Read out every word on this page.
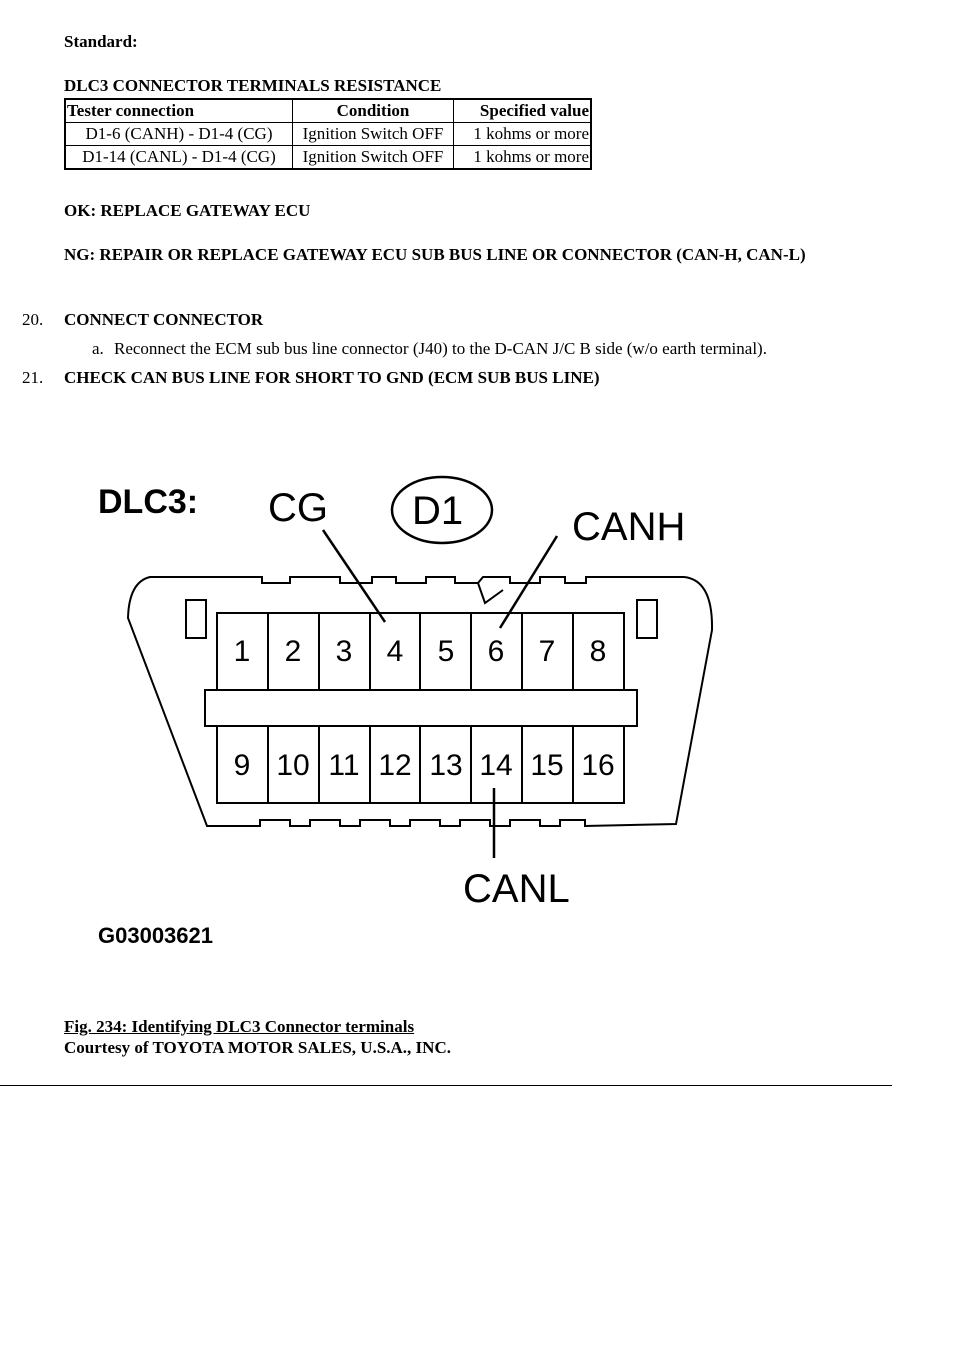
Standard:
DLC3 CONNECTOR TERMINALS RESISTANCE
Tester connection	Condition	Specified value
D1-6 (CANH) - D1-4 (CG)	Ignition Switch OFF	1 kohms or more
D1-14 (CANL) - D1-4 (CG)	Ignition Switch OFF	1 kohms or more
OK: REPLACE GATEWAY ECU
NG: REPAIR OR REPLACE GATEWAY ECU SUB BUS LINE OR CONNECTOR (CAN-H, CAN-L)
20. CONNECT CONNECTOR
a. Reconnect the ECM sub bus line connector (J40) to the D-CAN J/C B side (w/o earth terminal).
21. CHECK CAN BUS LINE FOR SHORT TO GND (ECM SUB BUS LINE)
DLC3: CG D1	CANH
1 2 3 4 5 6 7 8
9 10 11 12 13 14 15 16
CANL
G03003621
Fig. 234: Identifying DLC3 Connector terminals
Courtesy of TOYOTA MOTOR SALES, U.S.A., INC.
